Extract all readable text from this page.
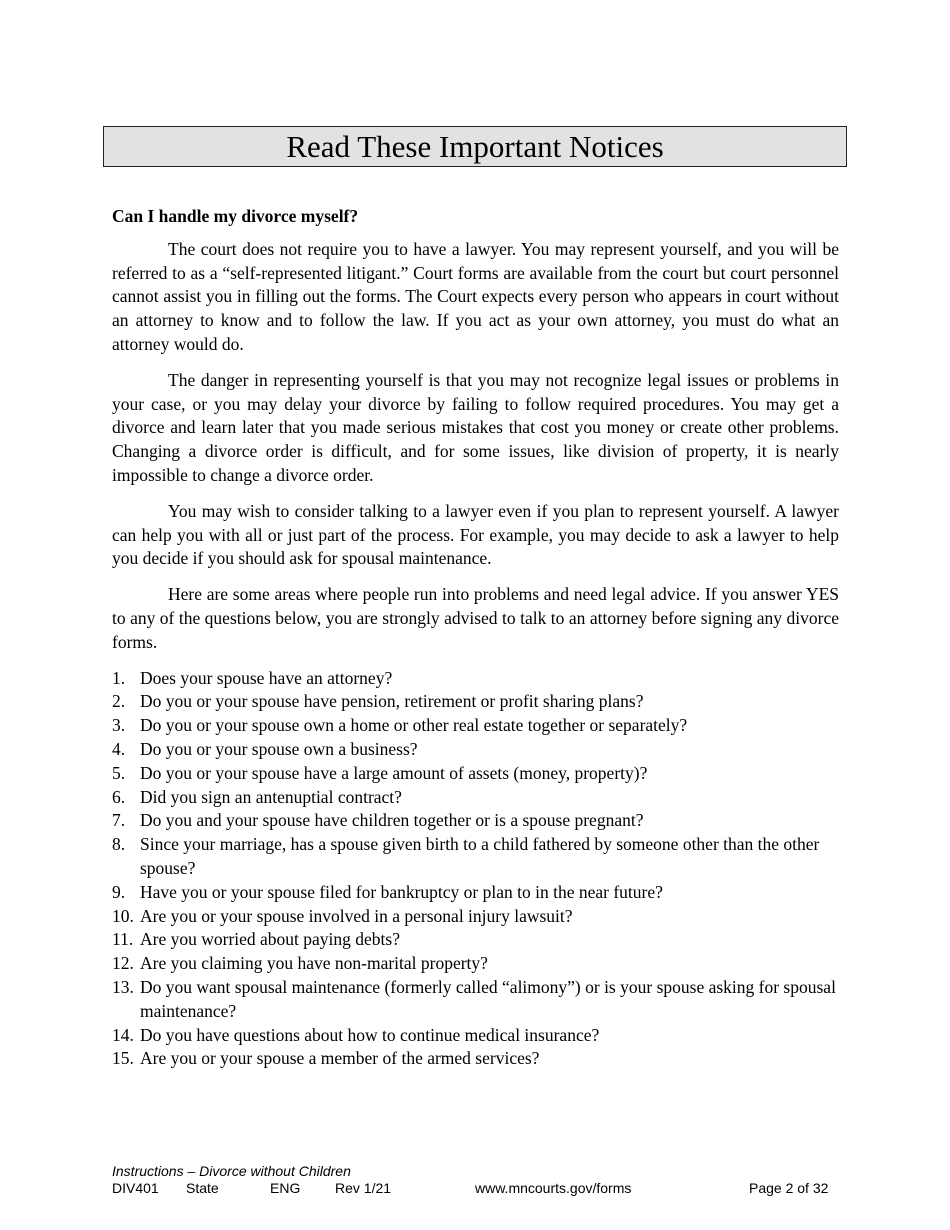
Read These Important Notices
Can I handle my divorce myself?

The court does not require you to have a lawyer. You may represent yourself, and you will be referred to as a “self-represented litigant.” Court forms are available from the court but court personnel cannot assist you in filling out the forms. The Court expects every person who appears in court without an attorney to know and to follow the law. If you act as your own attorney, you must do what an attorney would do.

The danger in representing yourself is that you may not recognize legal issues or problems in your case, or you may delay your divorce by failing to follow required procedures. You may get a divorce and learn later that you made serious mistakes that cost you money or create other problems. Changing a divorce order is difficult, and for some issues, like division of property, it is nearly impossible to change a divorce order.

You may wish to consider talking to a lawyer even if you plan to represent yourself. A lawyer can help you with all or just part of the process. For example, you may decide to ask a lawyer to help you decide if you should ask for spousal maintenance.

Here are some areas where people run into problems and need legal advice. If you answer YES to any of the questions below, you are strongly advised to talk to an attorney before signing any divorce forms.

1. Does your spouse have an attorney?
2. Do you or your spouse have pension, retirement or profit sharing plans?
3. Do you or your spouse own a home or other real estate together or separately?
4. Do you or your spouse own a business?
5. Do you or your spouse have a large amount of assets (money, property)?
6. Did you sign an antenuptial contract?
7. Do you and your spouse have children together or is a spouse pregnant?
8. Since your marriage, has a spouse given birth to a child fathered by someone other than the other spouse?
9. Have you or your spouse filed for bankruptcy or plan to in the near future?
10. Are you or your spouse involved in a personal injury lawsuit?
11. Are you worried about paying debts?
12. Are you claiming you have non-marital property?
13. Do you want spousal maintenance (formerly called “alimony”) or is your spouse asking for spousal maintenance?
14. Do you have questions about how to continue medical insurance?
15. Are you or your spouse a member of the armed services?
Instructions – Divorce without Children
DIV401 State	ENG Rev 1/21	www.mncourts.gov/forms	Page 2 of 32
